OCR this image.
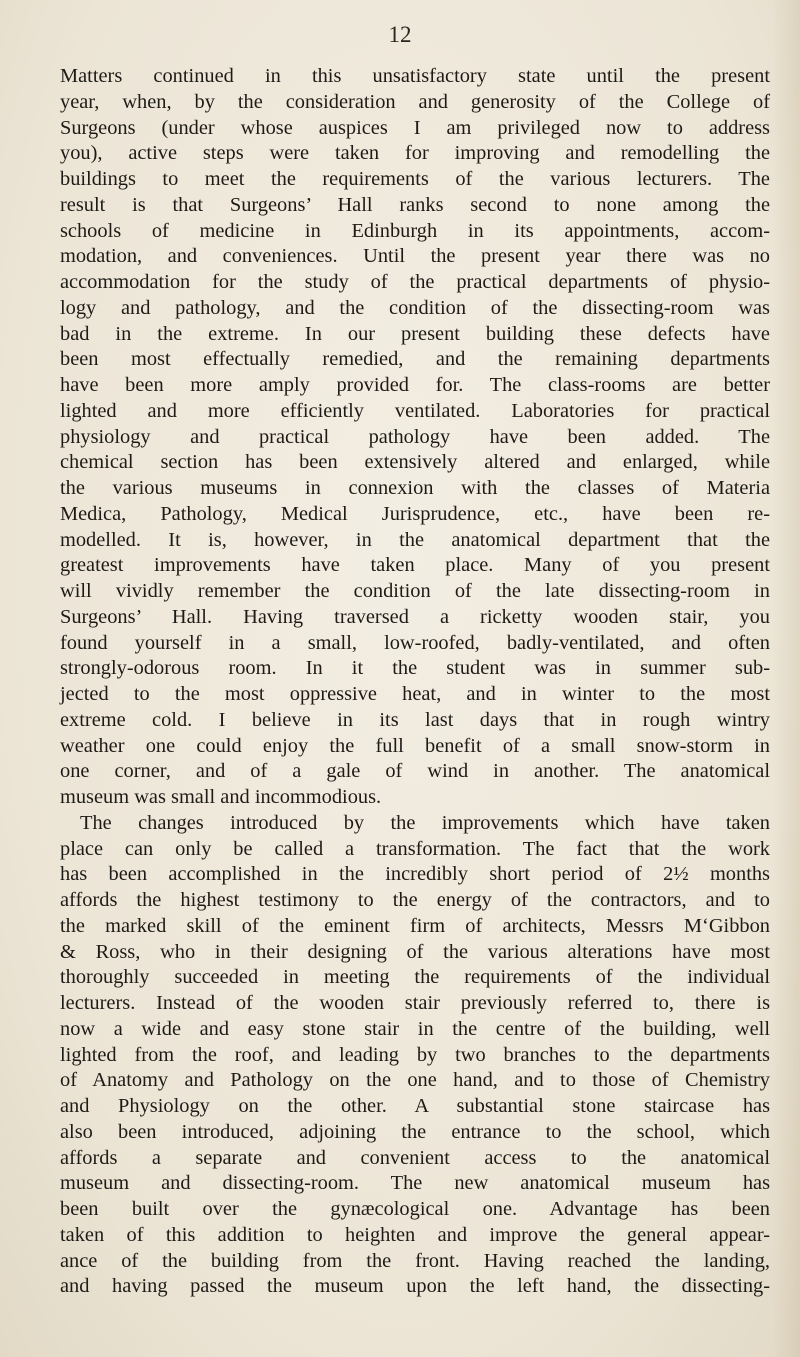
12
Matters continued in this unsatisfactory state until the present
year, when, by the consideration and generosity of the College of
Surgeons (under whose auspices I am privileged now to address
you), active steps were taken for improving and remodelling the
buildings to meet the requirements of the various lecturers. The
result is that Surgeons’ Hall ranks second to none among the
schools of medicine in Edinburgh in its appointments, accom-
modation, and conveniences. Until the present year there was no
accommodation for the study of the practical departments of physio-
logy and pathology, and the condition of the dissecting-room was
bad in the extreme. In our present building these defects have
been most effectually remedied, and the remaining departments
have been more amply provided for. The class-rooms are better
lighted and more efficiently ventilated. Laboratories for practical
physiology and practical pathology have been added. The
chemical section has been extensively altered and enlarged, while
the various museums in connexion with the classes of Materia
Medica, Pathology, Medical Jurisprudence, etc., have been re-
modelled. It is, however, in the anatomical department that the
greatest improvements have taken place. Many of you present
will vividly remember the condition of the late dissecting-room in
Surgeons’ Hall. Having traversed a ricketty wooden stair, you
found yourself in a small, low-roofed, badly-ventilated, and often
strongly-odorous room. In it the student was in summer sub-
jected to the most oppressive heat, and in winter to the most
extreme cold. I believe in its last days that in rough wintry
weather one could enjoy the full benefit of a small snow-storm in
one corner, and of a gale of wind in another. The anatomical
museum was small and incommodious.
The changes introduced by the improvements which have taken
place can only be called a transformation. The fact that the work
has been accomplished in the incredibly short period of 2½ months
affords the highest testimony to the energy of the contractors, and to
the marked skill of the eminent firm of architects, Messrs M‘Gibbon
& Ross, who in their designing of the various alterations have most
thoroughly succeeded in meeting the requirements of the individual
lecturers. Instead of the wooden stair previously referred to, there is
now a wide and easy stone stair in the centre of the building, well
lighted from the roof, and leading by two branches to the departments
of Anatomy and Pathology on the one hand, and to those of Chemistry
and Physiology on the other. A substantial stone staircase has
also been introduced, adjoining the entrance to the school, which
affords a separate and convenient access to the anatomical
museum and dissecting-room. The new anatomical museum has
been built over the gynæcological one. Advantage has been
taken of this addition to heighten and improve the general appear-
ance of the building from the front. Having reached the landing,
and having passed the museum upon the left hand, the dissecting-
